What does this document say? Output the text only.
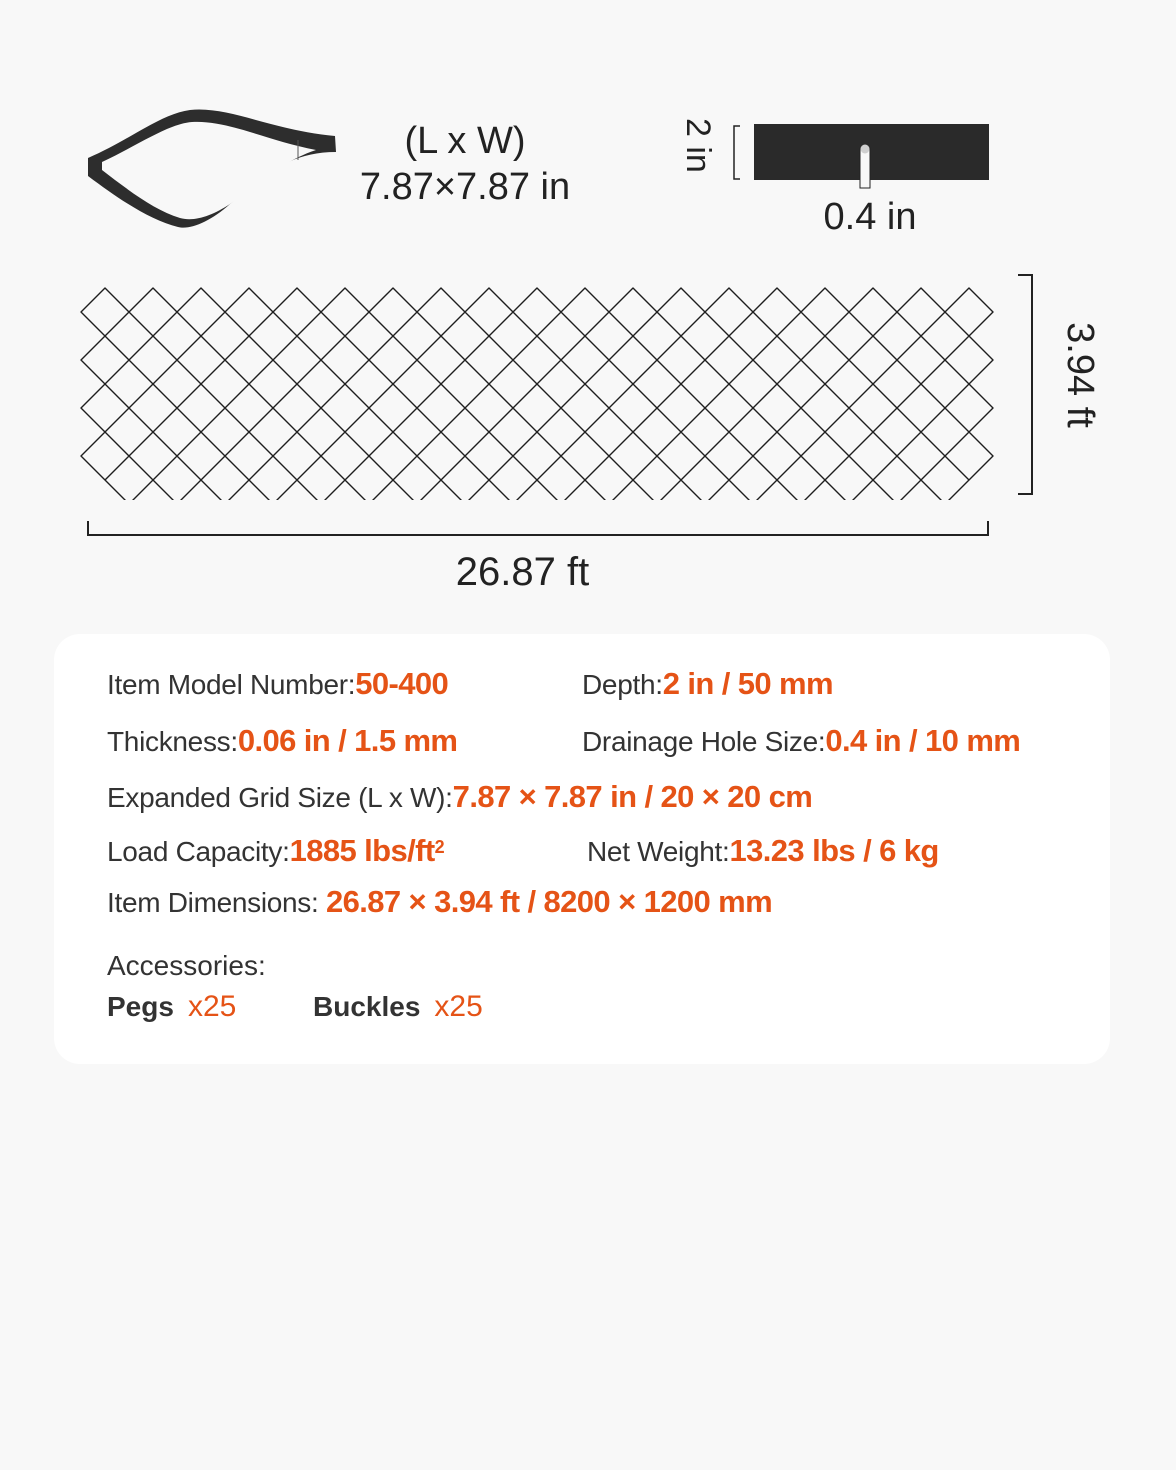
(L x W)
7.87×7.87 in
2 in
0.4 in
3.94 ft
26.87 ft
Item Model Number:50-400	Depth:2 in / 50 mm
Thickness:0.06 in / 1.5 mm	Drainage Hole Size:0.4 in / 10 mm
Expanded Grid Size (L x W):7.87 × 7.87 in / 20 × 20 cm
Load Capacity:1885 lbs/$ft^2$	Net Weight:13.23 lbs / 6 kg
Item Dimensions: 26.87 × 3.94 ft / 8200 × 1200 mm
Accessories:
Pegs x25	Buckles x25
